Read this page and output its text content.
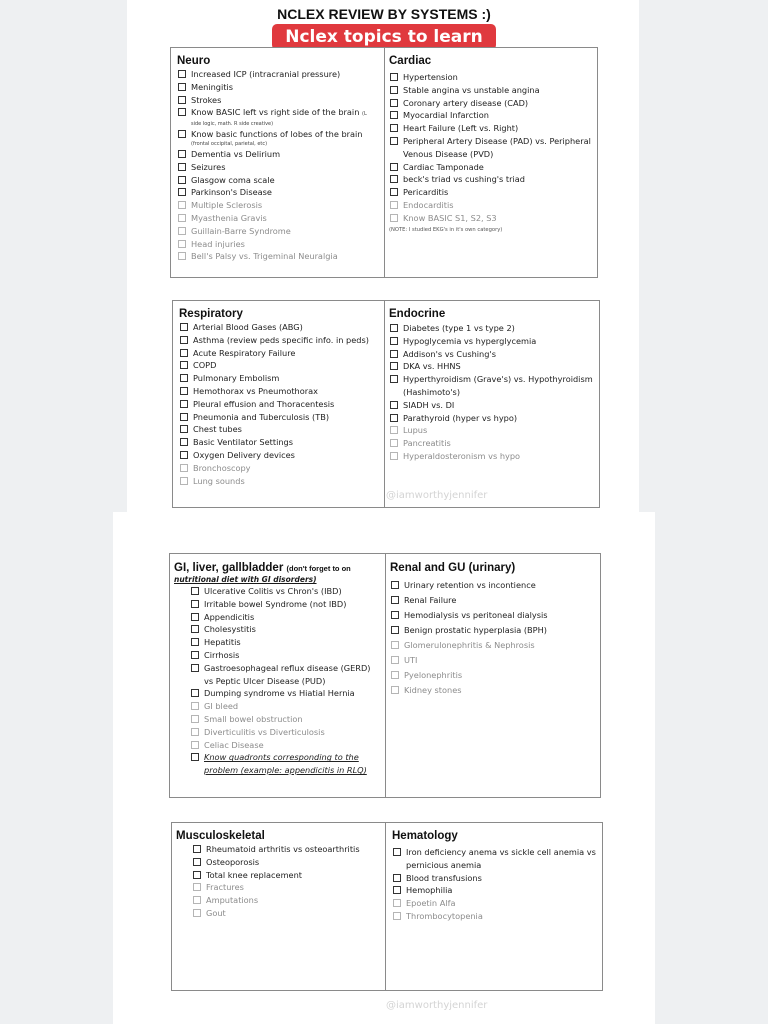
NCLEX REVIEW BY SYSTEMS :)
Nclex topics to learn
Neuro
Increased ICP (intracranial pressure)
Meningitis
Strokes
Know BASIC left vs right side of the brain (L
side logic, math. R side creative)
Know basic functions of lobes of the brain
(frontal occipital, parietal, etc)
Dementia vs Delirium
Seizures
Glasgow coma scale
Parkinson's Disease
Multiple Sclerosis
Myasthenia Gravis
Guillain-Barre Syndrome
Head injuries
Bell's Palsy vs. Trigeminal Neuralgia
Cardiac
Hypertension
Stable angina vs unstable angina
Coronary artery disease (CAD)
Myocardial Infarction
Heart Failure (Left vs. Right)
Peripheral Artery Disease (PAD) vs. Peripheral Venous Disease (PVD)
Cardiac Tamponade
beck's triad vs cushing's triad
Pericarditis
Endocarditis
Know BASIC S1, S2, S3
(NOTE: I studied EKG's in it's own category)
Respiratory
Arterial Blood Gases (ABG)
Asthma (review peds specific info. in peds)
Acute Respiratory Failure
COPD
Pulmonary Embolism
Hemothorax vs Pneumothorax
Pleural effusion and Thoracentesis
Pneumonia and Tuberculosis (TB)
Chest tubes
Basic Ventilator Settings
Oxygen Delivery devices
Bronchoscopy
Lung sounds
Endocrine
Diabetes (type 1 vs type 2)
Hypoglycemia vs hyperglycemia
Addison's vs Cushing's
DKA vs. HHNS
Hyperthyroidism (Grave's) vs. Hypothyroidism (Hashimoto's)
SIADH vs. DI
Parathyroid (hyper vs hypo)
Lupus
Pancreatitis
Hyperaldosteronism vs hypo
@iamworthyjennifer
GI, liver, gallbladder (don't forget to on
nutritional diet with GI disorders)
Ulcerative Colitis vs Chron's (IBD)
Irritable bowel Syndrome (not IBD)
Appendicitis
Cholesystitis
Hepatitis
Cirrhosis
Gastroesophageal reflux disease (GERD) vs Peptic Ulcer Disease (PUD)
Dumping syndrome vs Hiatial Hernia
GI bleed
Small bowel obstruction
Diverticulitis vs Diverticulosis
Celiac Disease
Know quadronts corresponding to the problem (example: appendicitis in RLQ)
Renal and GU (urinary)
Urinary retention vs incontience
Renal Failure
Hemodialysis vs peritoneal dialysis
Benign prostatic hyperplasia (BPH)
Glomerulonephritis & Nephrosis
UTI
Pyelonephritis
Kidney stones
Musculoskeletal
Rheumatoid arthritis vs osteoarthritis
Osteoporosis
Total knee replacement
Fractures
Amputations
Gout
Hematology
Iron deficiency anema vs sickle cell anemia vs pernicious anemia
Blood transfusions
Hemophilia
Epoetin Alfa
Thrombocytopenia
@iamworthyjennifer
